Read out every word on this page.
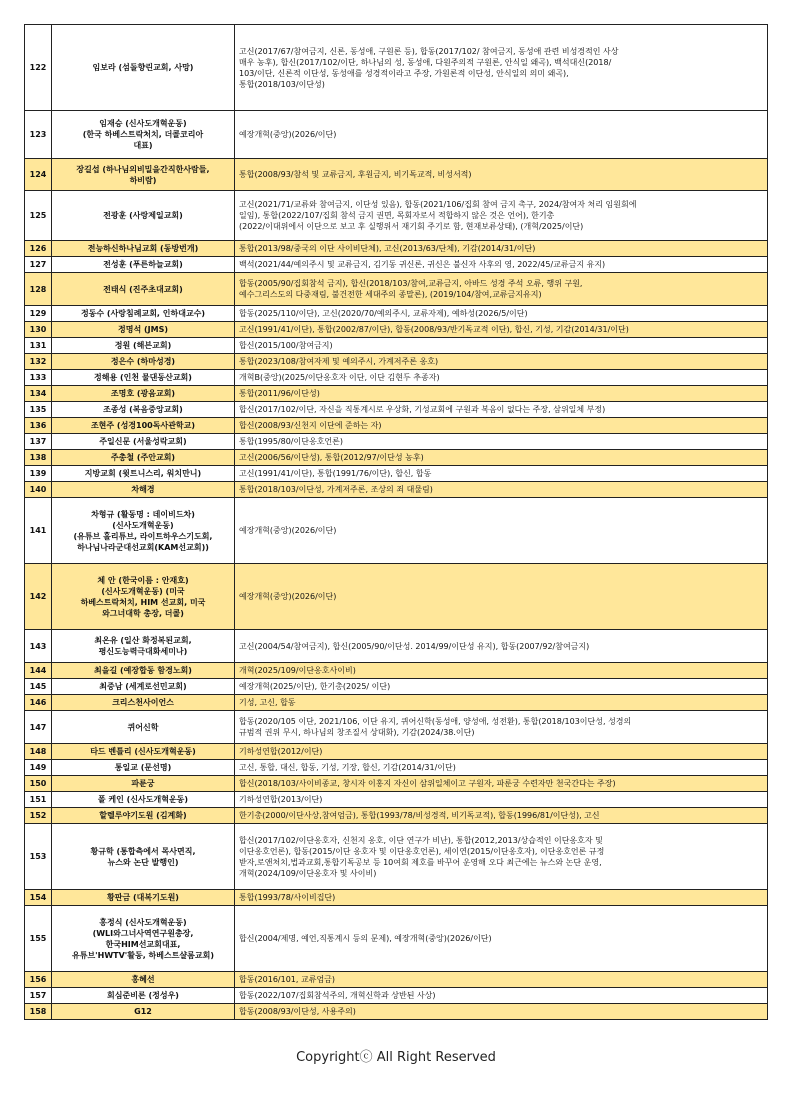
122	임보라 (섬돌향린교회, 사망)	고신(2017/67/참여금지, 신론, 동성애, 구원론 등), 합동(2017/102/ 참여금지, 동성애 관련 비성경적인 사상
매우 농후), 합신(2017/102/이단, 하나님의 성, 동성애, 다원주의적 구원론, 안식일 왜곡), 백석대신(2018/
103/이단, 신론적 이단성, 동성애를 성경적이라고 주장, 가원론적 이단성, 안식일의 의미 왜곡),
통합(2018/103/이단성)

123	임재승 (신사도개혁운동)
(한국 하베스트락처치, 더콜코리아
대표)	예장개혁(중앙)(2026/이단)

124	장길섭 (하나님의비밀을간직한사람들,
하비람)	통합(2008/93/참석 및 교류금지, 후원금지, 비기독교적, 비성서적)

125	전광훈 (사랑제일교회)	고신(2021/71/교류와 참여금지, 이단성 있음), 합동(2021/106/집회 참여 금지 촉구, 2024/참여자 처리 임원회에
일임), 통합(2022/107/집회 참석 금지 권면, 목회자로서 적합하지 않은 것은 언어), 한기총
(2022/이대위에서 이단으로 보고 후 실행위서 재기회 주기로 함, 현재보류상태), (개혁/2025/이단)

126	전능하신하나님교회 (동방번개)	통합(2013/98/중국의 이단 사이비단체), 고신(2013/63/단체), 기감(2014/31/이단)

127	전성훈 (푸른하늘교회)	백석(2021/44/예의주시 및 교류금지, 김기동 귀신론, 귀신은 불신자 사후의 영, 2022/45/교류금지 유지)

128	전태식 (진주초대교회)	합동(2005/90/집회참석 금지), 합신(2018/103/참여,교류금지, 아바드 성경 주석 오류, 행위 구원,
예수그리스도의 다중재림, 불건전한 세대주의 종말론), (2019/104/참여,교류금지유지)

129	정동수 (사랑침례교회, 인하대교수)	합동(2025/110/이단), 고신(2020/70/예의주시, 교류자제), 예하성(2026/5/이단)

130	정명석 (JMS)	고신(1991/41/이단), 통합(2002/87/이단), 합동(2008/93/반기독교적 이단), 합신, 기성, 기감(2014/31/이단)

131	정원 (해븐교회)	합신(2015/100/참여금지)

132	정은수 (하마성경)	통합(2023/108/참여자제 및 예의주시, 가계저주론 옹호)

133	정해용 (인천 물댄동산교회)	개혁B(중앙)(2025/이단옹호자 이단, 이단 김현두 추종자)

134	조명호 (광음교회)	통합(2011/96/이단성)

135	조종성 (복음중앙교회)	합신(2017/102/이단, 자신을 직통계시로 우상화, 기성교회에 구원과 복음이 없다는 주장, 삼위일체 부정)

136	조현주 (성경100독사관학교)	합신(2008/93/신천지 이단에 준하는 자)

137	주일신문 (서울성락교회)	통합(1995/80/이단옹호언론)

138	주총철 (주안교회)	고신(2006/56/이단성), 통합(2012/97/이단성 농후)

139	지방교회 (윗트니스리, 워치만니)	고신(1991/41/이단), 통합(1991/76/이단), 합신, 합동

140	차해경	통합(2018/103/이단성, 가계저주론, 조상의 죄 대물림)

141	차형규 (활동명 : 데이비드차)
(신사도개혁운동)
(유튜브 홀리튜브, 라이트하우스기도회,
하나님나라군대선교회(KAM선교회))	예장개혁(중앙)(2026/이단)

142	체 안 (한국이름 : 안재호)
(신사도개혁운동) (미국
하베스트락처치, HIM 선교회, 미국
와그너대학 총장, 더콜)	예장개혁(중앙)(2026/이단)

143	최온유 (일산 화정복된교회,
평신도능력극대화세미나)	고신(2004/54/참여금지), 합신(2005/90/이단성. 2014/99/이단성 유지), 합동(2007/92/참여금지)

144	최을길 (예장합동 함경노회)	개혁(2025/109/이단옹호사이비)

145	최중남 (세계로선민교회)	예장개혁(2025/이단), 한기총(2025/ 이단)

146	크리스천사이언스	기성, 고신, 합동

147	퀴어신학	합동(2020/105 이단, 2021/106, 이단 유지, 퀴어신학(동성애, 양성애, 성전환), 통합(2018/103이단성, 성경의
규범적 권위 무시, 하나님의 창조질서 상대화), 기감(2024/38.이단)

148	타드 벤틀리 (신사도개혁운동)	기하성연합(2012/이단)

149	통일교 (문선명)	고신, 통합, 대신, 합동, 기성, 기장, 합신, 기감(2014/31/이단)

150	파룬궁	합신(2018/103/사이비종교, 창시자 이홍지 자신이 삼위일체이고 구원자, 파룬궁 수련자만 천국간다는 주장)

151	폴 케인 (신사도개혁운동)	기하성연합(2013/이단)

152	할렐루야기도원 (김계화)	한기총(2000/이단사상,참여엄금), 통합(1993/78/비성경적, 비기독교적), 합동(1996/81/이단성), 고신

153	황규학 (통합측에서 목사면직,
뉴스와 논단 발행인)	합신(2017/102/이단옹호자, 신천지 옹호, 이단 연구가 비난), 통합(2012,2013/상습적인 이단옹호자 및
이단옹호언론), 합동(2015/이단 옹호자 및 이단옹호언론), 세이연(2015/이단옹호자), 이단옹호언론 규정
받자,로앤처치,법과교회,통합기독공보 등 10여회 제호를 바꾸어 운영해 오다 최근에는 뉴스와 논단 운영,
개혁(2024/109/이단옹호자 및 사이비)

154	황판금 (대복기도원)	통합(1993/78/사이비집단)

155	홍정식 (신사도개혁운동)
(WLI와그너사역연구원총장,
한국HIM선교회대표,
유튜브'HWTV'활동, 하베스트샬롬교회)	합신(2004/제명, 예언,직통계시 등의 문제), 예장개혁(중앙)(2026/이단)

156	홍혜선	합동(2016/101, 교류엄금)

157	회심준비론 (정성우)	합동(2022/107/집회참석주의, 개혁신학과 상반된 사상)

158	G12	합동(2008/93/이단성, 사용주의)
Copyrightⓒ All Right Reserved
